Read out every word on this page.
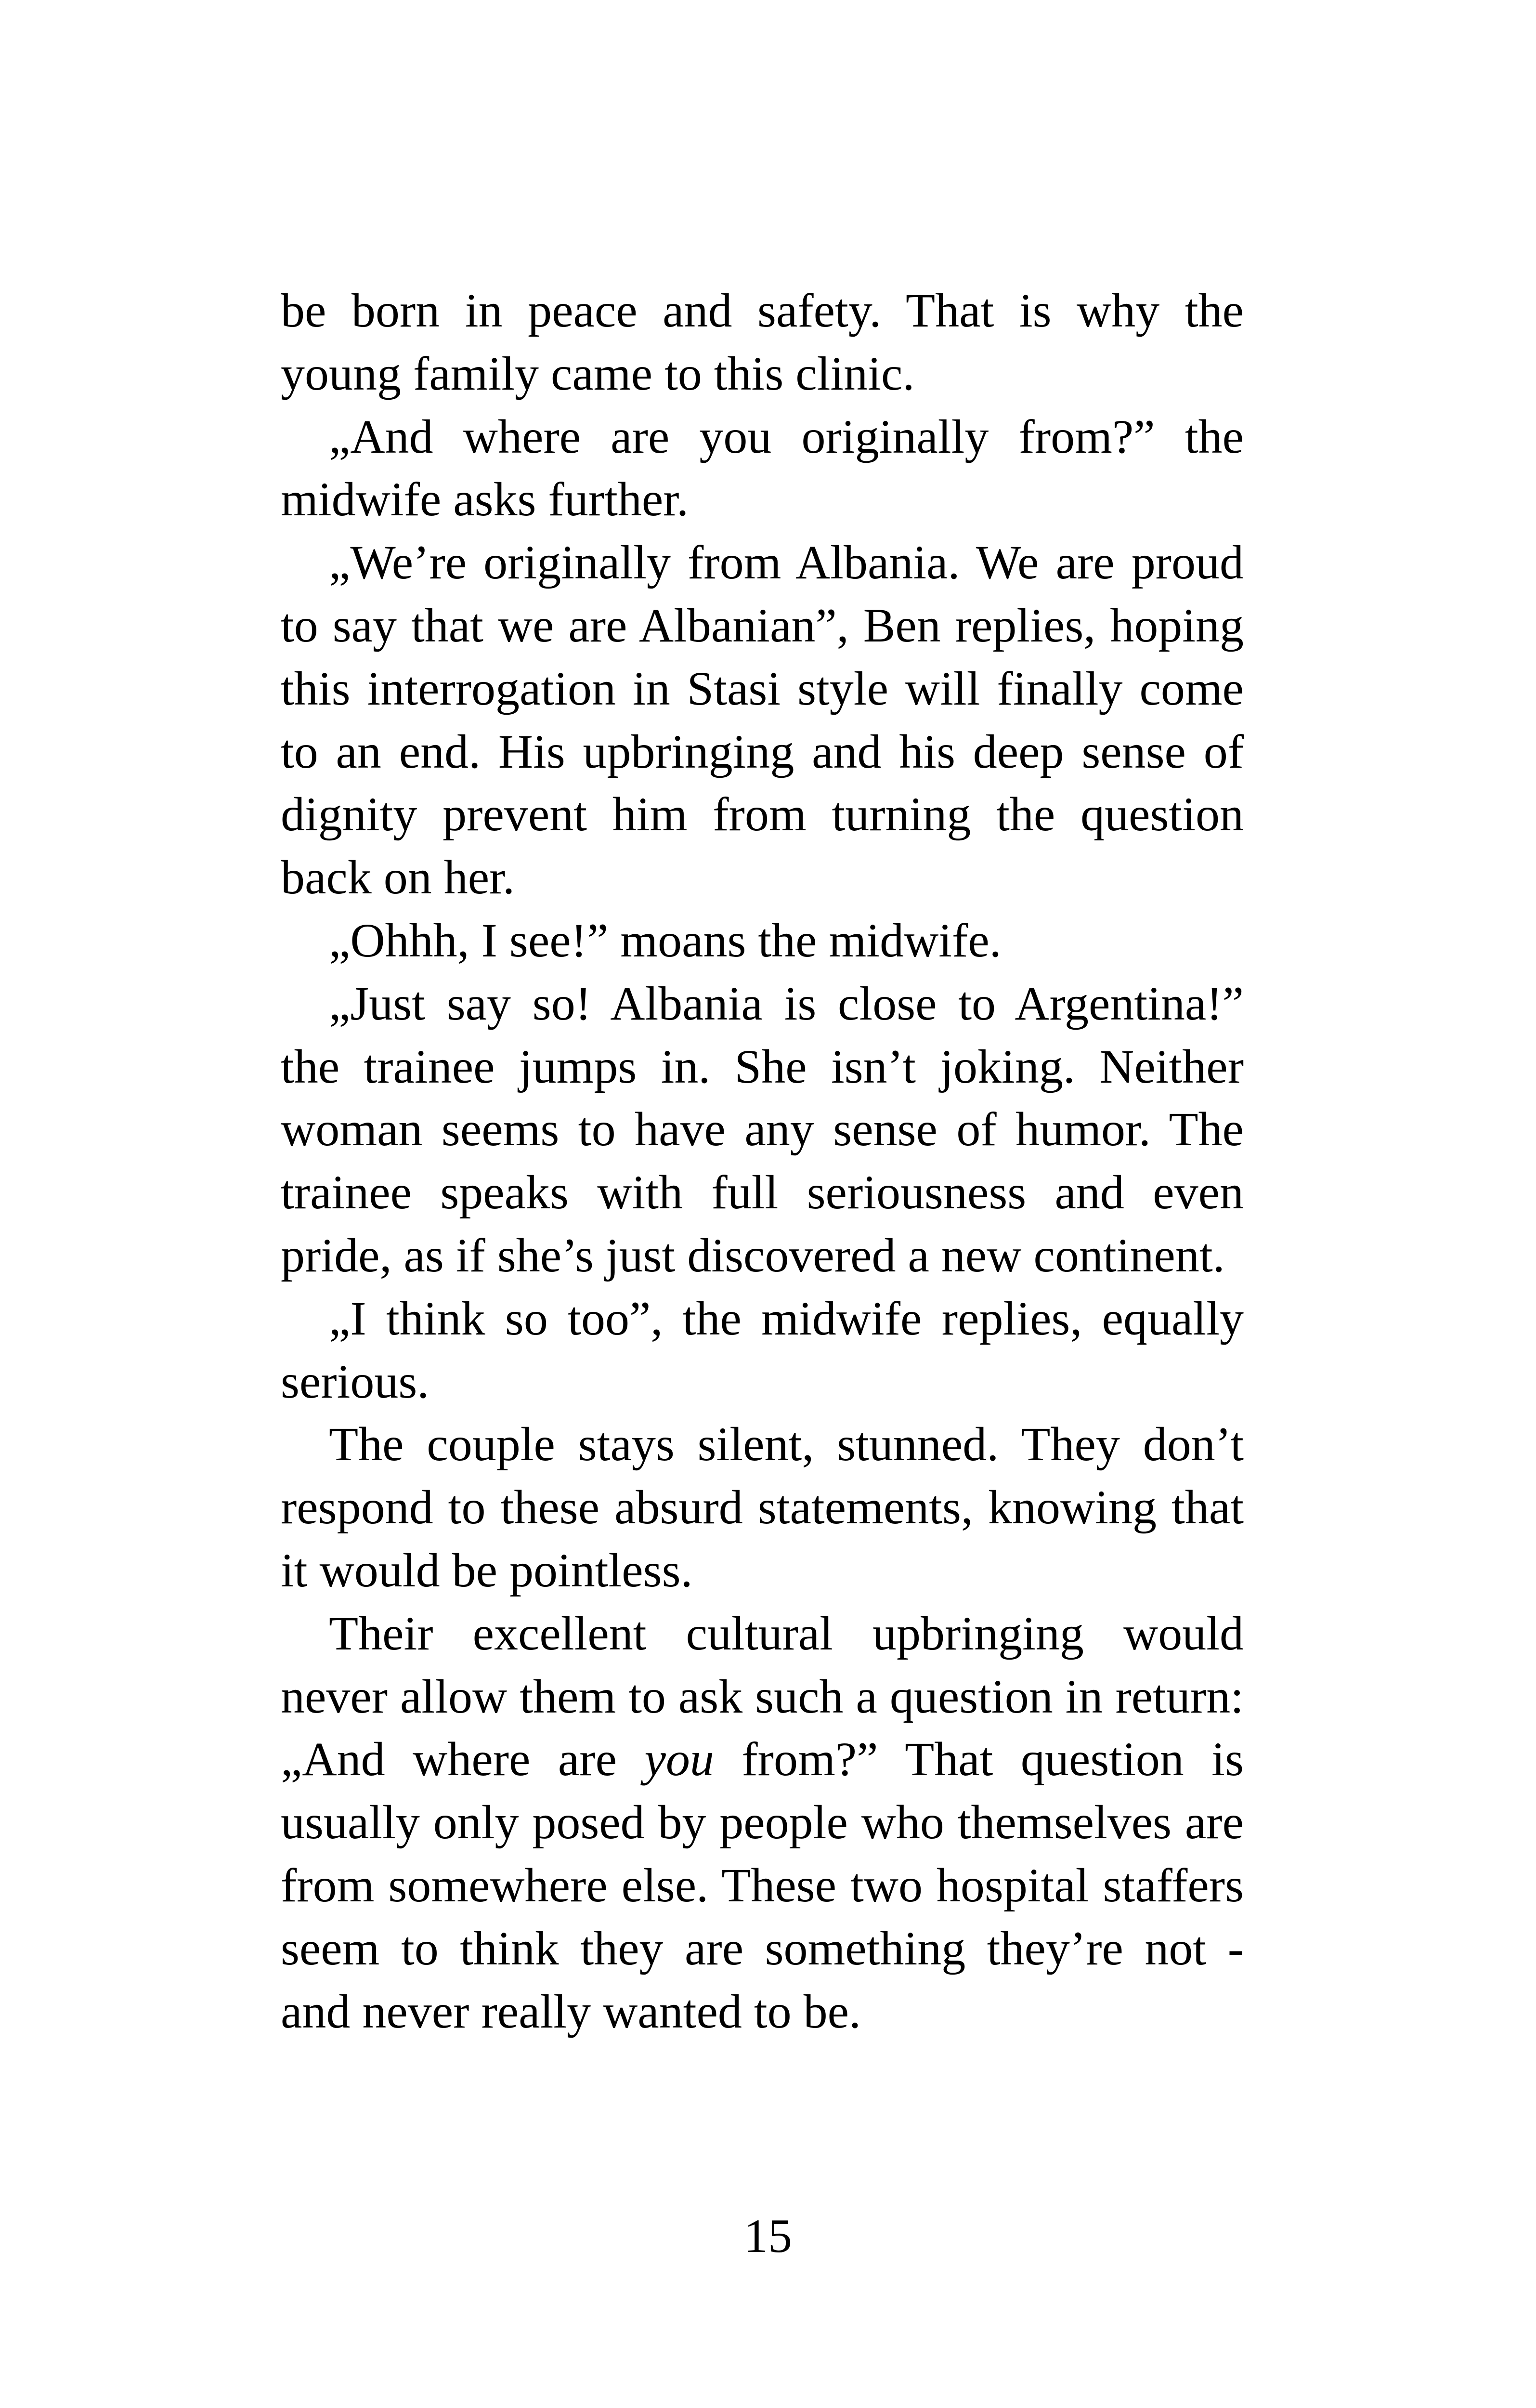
be born in peace and safety. That is why the young family came to this clinic.

„And where are you originally from?” the midwife asks further.

„We’re originally from Albania. We are proud to say that we are Albanian”, Ben replies, hoping this interrogation in Stasi style will finally come to an end. His upbringing and his deep sense of dignity prevent him from turning the question back on her.

„Ohhh, I see!” moans the midwife.

„Just say so! Albania is close to Argentina!” the trainee jumps in. She isn’t joking. Neither woman seems to have any sense of humor. The trainee speaks with full seriousness and even pride, as if she’s just discovered a new continent.

„I think so too”, the midwife replies, equally serious.

The couple stays silent, stunned. They don’t respond to these absurd statements, knowing that it would be pointless.

Their excellent cultural upbringing would never allow them to ask such a question in return: „And where are you from?” That question is usually only posed by people who themselves are from somewhere else. These two hospital staffers seem to think they are something they’re not - and never really wanted to be.

15
